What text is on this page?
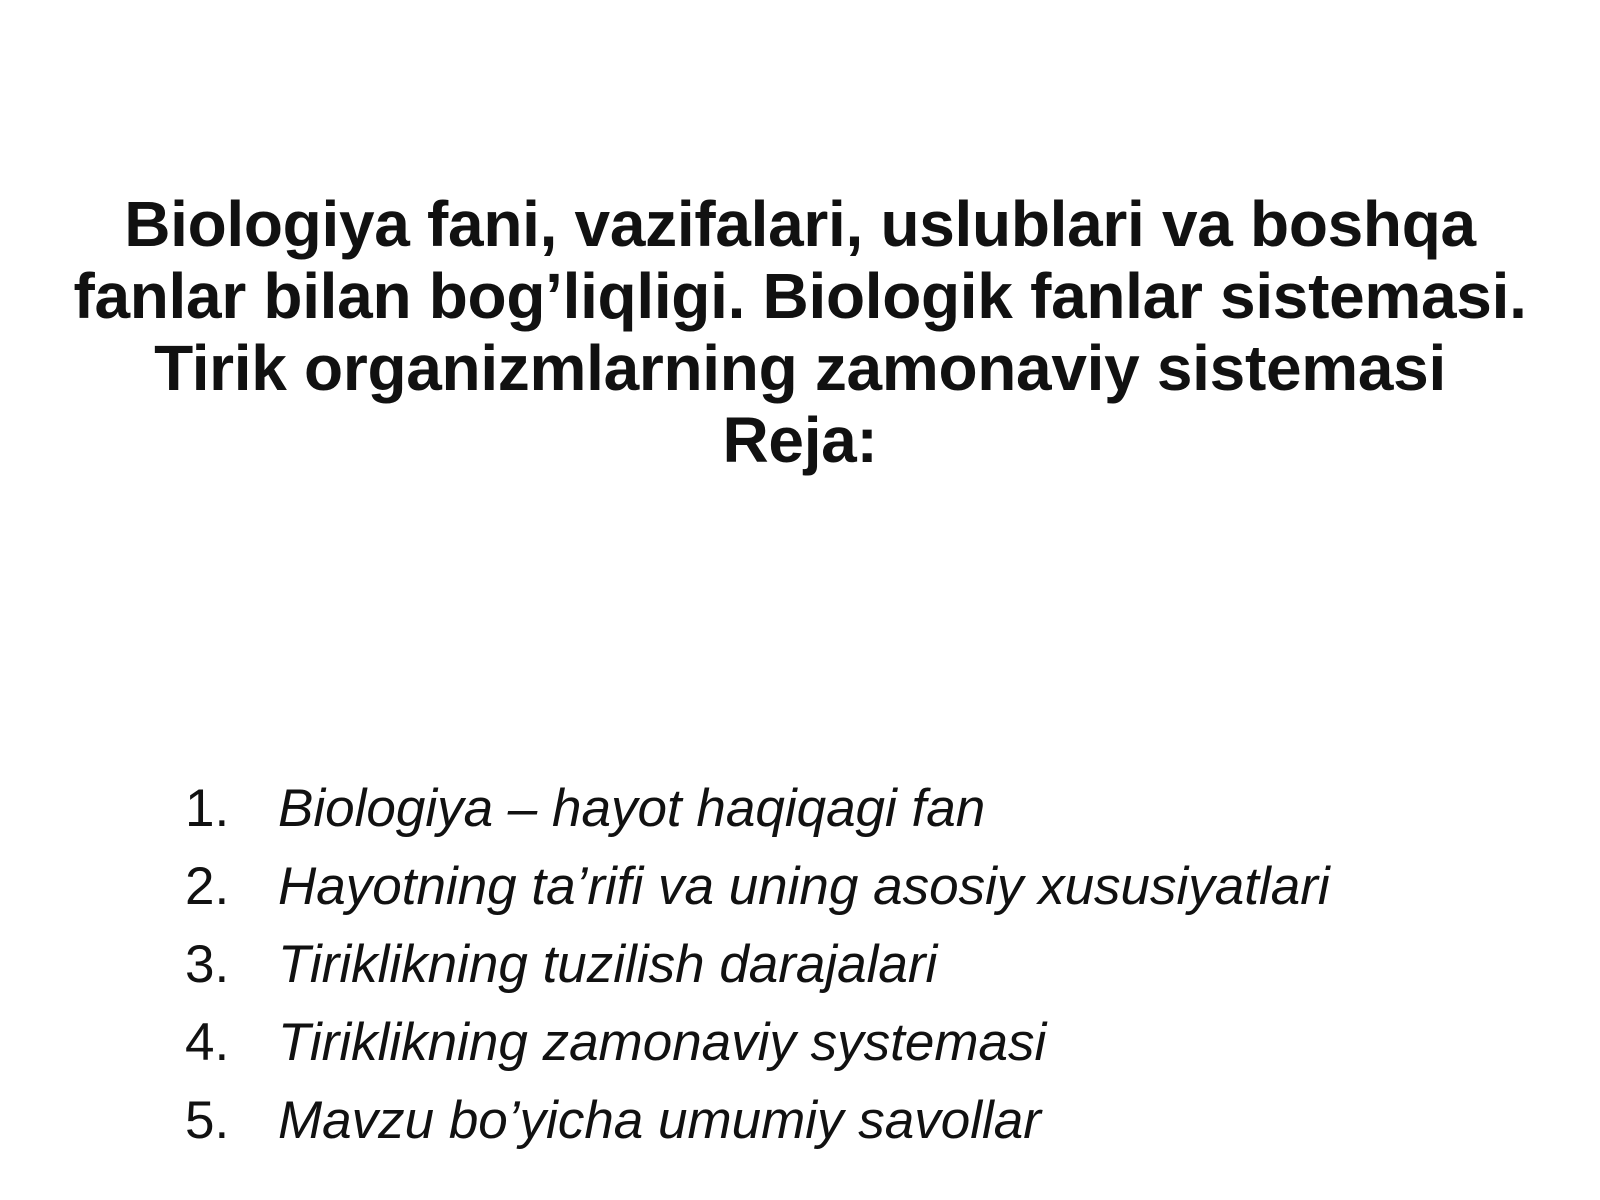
Biologiya fani, vazifalari, uslublari va boshqa fanlar bilan bog’liqligi. Biologik fanlar sistemasi. Tirik organizmlarning zamonaviy sistemasi
Reja:
1. Biologiya – hayot haqiqagi fan
2. Hayotning ta’rifi va uning asosiy xususiyatlari
3. Tiriklikning tuzilish darajalari
4. Tiriklikning zamonaviy systemasi
5. Mavzu bo’yicha umumiy savollar
